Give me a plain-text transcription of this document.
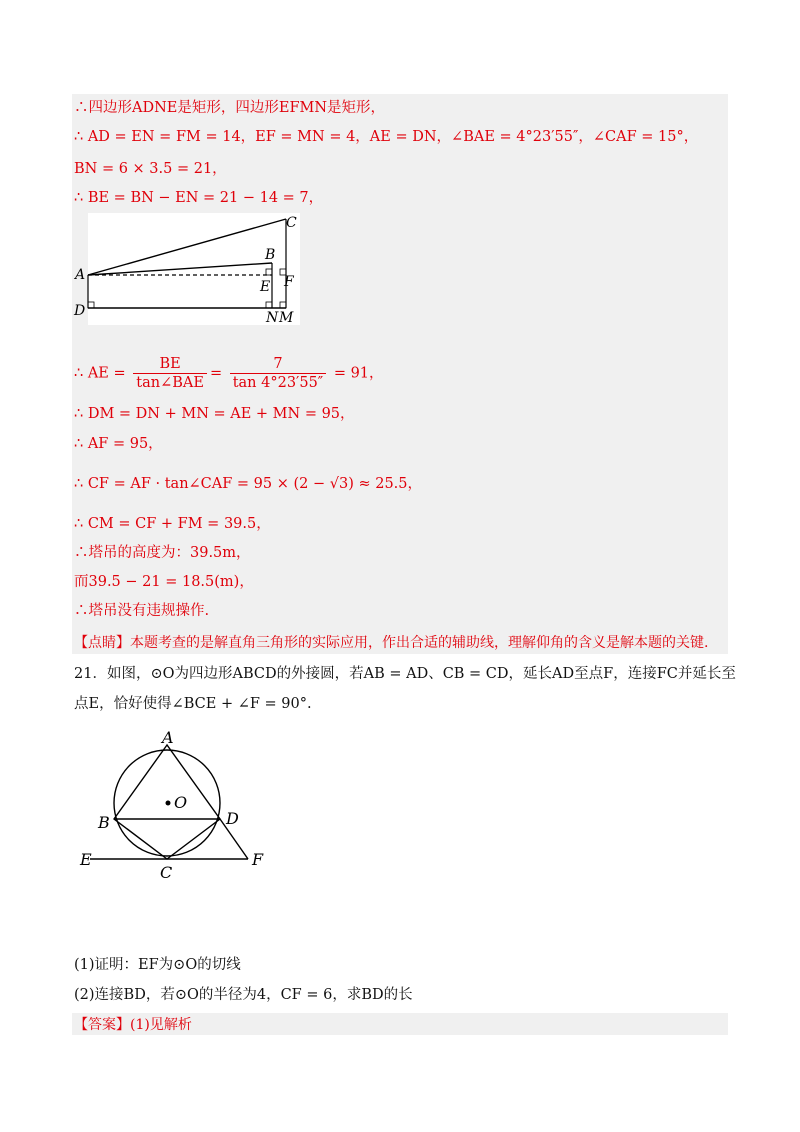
∴四边形ADNE是矩形，四边形EFMN是矩形，
∴ AD = EN = FM = 14，EF = MN = 4，AE = DN，∠BAE = 4°23′55″，∠CAF = 15°，
BN = 6 × 3.5 = 21，
∴ BE = BN − EN = 21 − 14 = 7，
C
B
A
E F
D	N M
∴ AE = $\frac{BE}{\text{tan∠BAE}} = \frac{7}{\tan 4^\circ 23'55''} = 91$，
∴ DM = DN + MN = AE + MN = 95，
∴ AF = 95，
∴ CF = AF · tan∠CAF = 95 × (2 − √3) ≈ 25.5，
∴ CM = CF + FM = 39.5，
∴塔吊的高度为：39.5m，
而39.5 − 21 = 18.5(m)，
∴塔吊没有违规操作.
【点睛】本题考查的是解直角三角形的实际应用，作出合适的辅助线，理解仰角的含义是解本题的关键.
21．如图，⊙O为四边形ABCD的外接圆，若AB = AD、CB = CD，延长AD至点F，连接FC并延长至
点E，恰好使得∠BCE + ∠F = 90°.
A
O
B	D
E
C
F
(1)证明：EF为⊙O的切线
(2)连接BD，若⊙O的半径为4，CF = 6，求BD的长
【答案】(1)见解析
